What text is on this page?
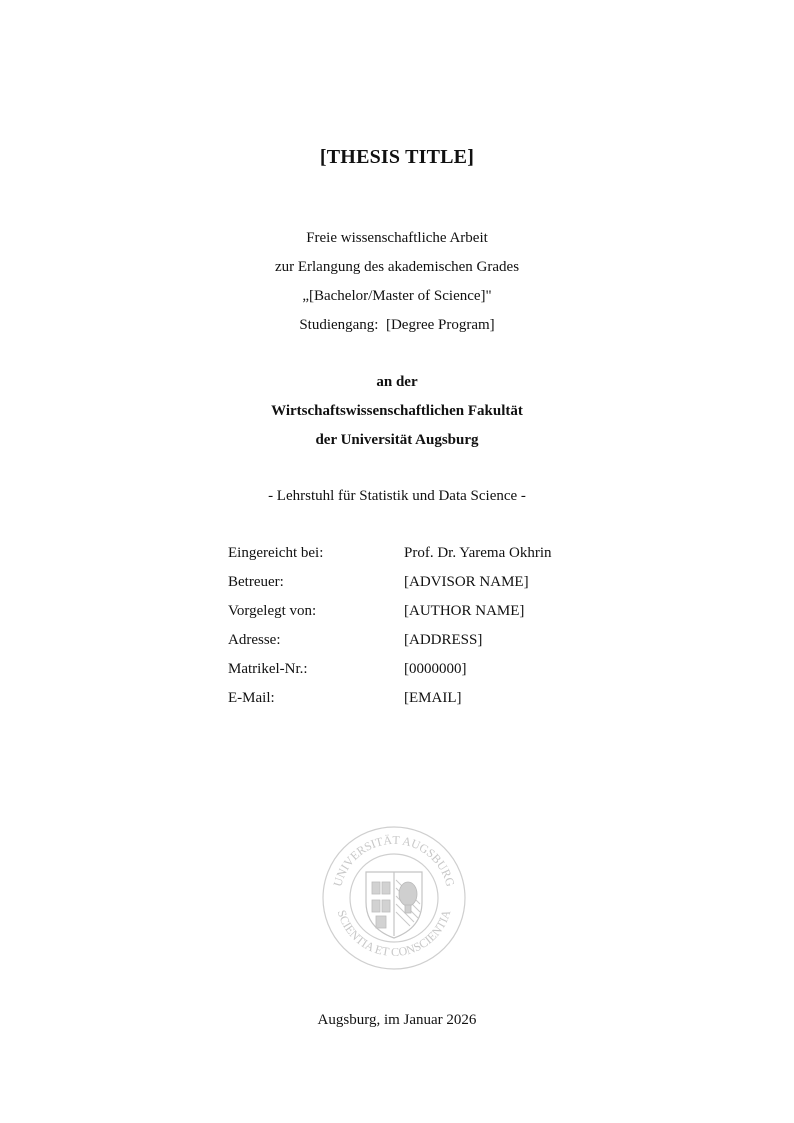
[THESIS TITLE]
Freie wissenschaftliche Arbeit
zur Erlangung des akademischen Grades
„[Bachelor/Master of Science]"
Studiengang:  [Degree Program]
an der
Wirtschaftswissenschaftlichen Fakultät
der Universität Augsburg
- Lehrstuhl für Statistik und Data Science -
Eingereicht bei:	Prof. Dr. Yarema Okhrin
Betreuer:	[ADVISOR NAME]
Vorgelegt von:	[AUTHOR NAME]
Adresse:	[ADDRESS]
Matrikel-Nr.:	[0000000]
E-Mail:	[EMAIL]
UNIVERSITÄT AUGSBURG
SCIENTIA ET CONSCIENTIA
Augsburg, im Januar 2026
